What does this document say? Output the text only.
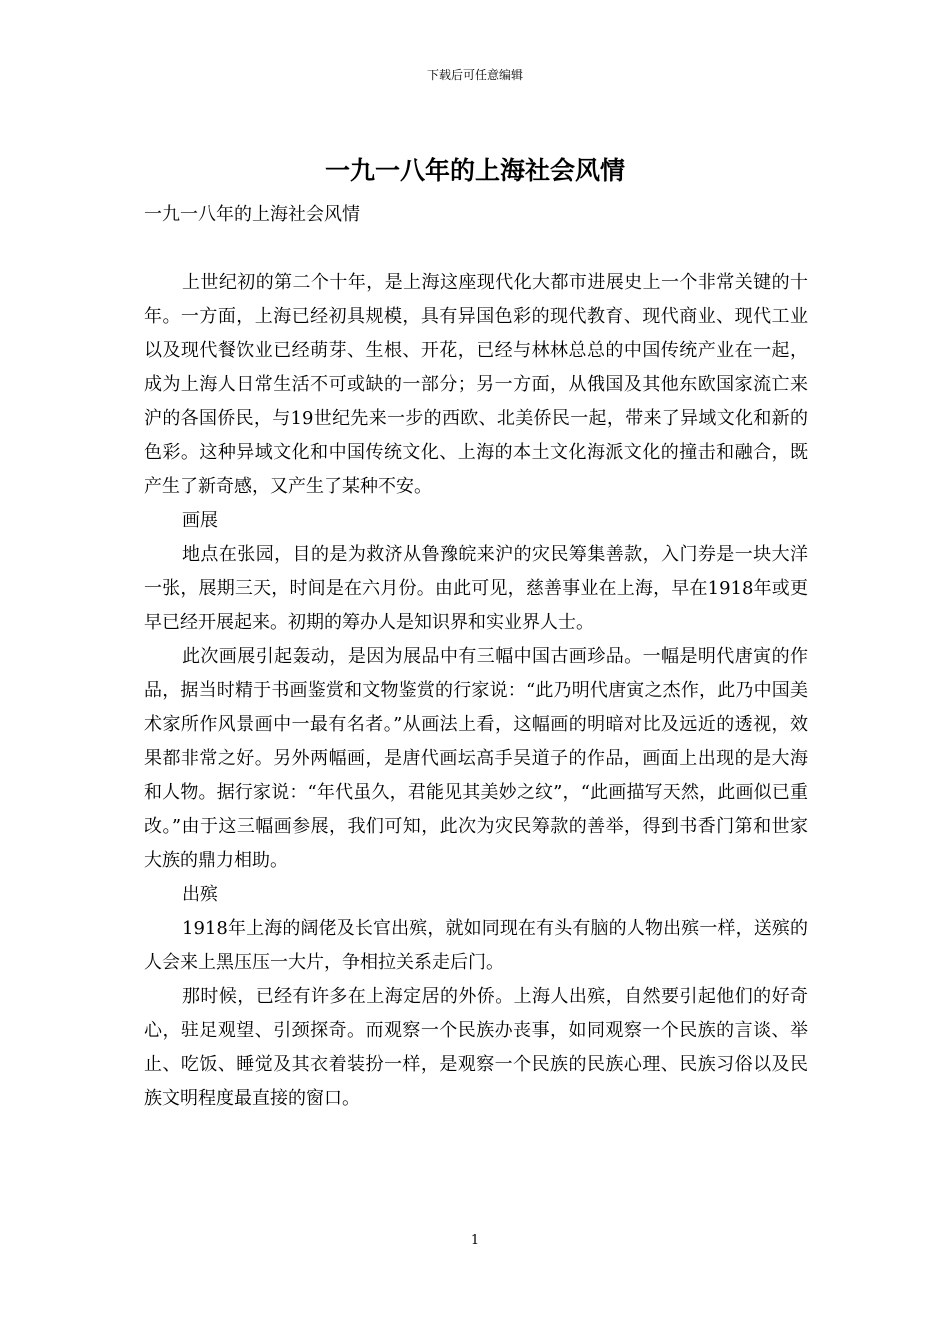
下载后可任意编辑
一九一八年的上海社会风情

一九一八年的上海社会风情

上世纪初的第二个十年，是上海这座现代化大都市进展史上一个非常关键的十年。一方面，上海已经初具规模，具有异国色彩的现代教育、现代商业、现代工业以及现代餐饮业已经萌芽、生根、开花，已经与林林总总的中国传统产业在一起，成为上海人日常生活不可或缺的一部分；另一方面，从俄国及其他东欧国家流亡来沪的各国侨民，与19世纪先来一步的西欧、北美侨民一起，带来了异域文化和新的色彩。这种异域文化和中国传统文化、上海的本土文化海派文化的撞击和融合，既产生了新奇感，又产生了某种不安。

画展

地点在张园，目的是为救济从鲁豫皖来沪的灾民筹集善款，入门券是一块大洋一张，展期三天，时间是在六月份。由此可见，慈善事业在上海，早在1918年或更早已经开展起来。初期的筹办人是知识界和实业界人士。

此次画展引起轰动，是因为展品中有三幅中国古画珍品。一幅是明代唐寅的作品，据当时精于书画鉴赏和文物鉴赏的行家说：“此乃明代唐寅之杰作，此乃中国美术家所作风景画中一最有名者。”从画法上看，这幅画的明暗对比及远近的透视，效果都非常之好。另外两幅画，是唐代画坛高手吴道子的作品，画面上出现的是大海和人物。据行家说：“年代虽久，君能见其美妙之纹”，“此画描写天然，此画似已重改。”由于这三幅画参展，我们可知，此次为灾民筹款的善举，得到书香门第和世家大族的鼎力相助。

出殡

1918年上海的阔佬及长官出殡，就如同现在有头有脑的人物出殡一样，送殡的人会来上黑压压一大片，争相拉关系走后门。

那时候，已经有许多在上海定居的外侨。上海人出殡，自然要引起他们的好奇心，驻足观望、引颈探奇。而观察一个民族办丧事，如同观察一个民族的言谈、举止、吃饭、睡觉及其衣着装扮一样，是观察一个民族的民族心理、民族习俗以及民族文明程度最直接的窗口。

1
